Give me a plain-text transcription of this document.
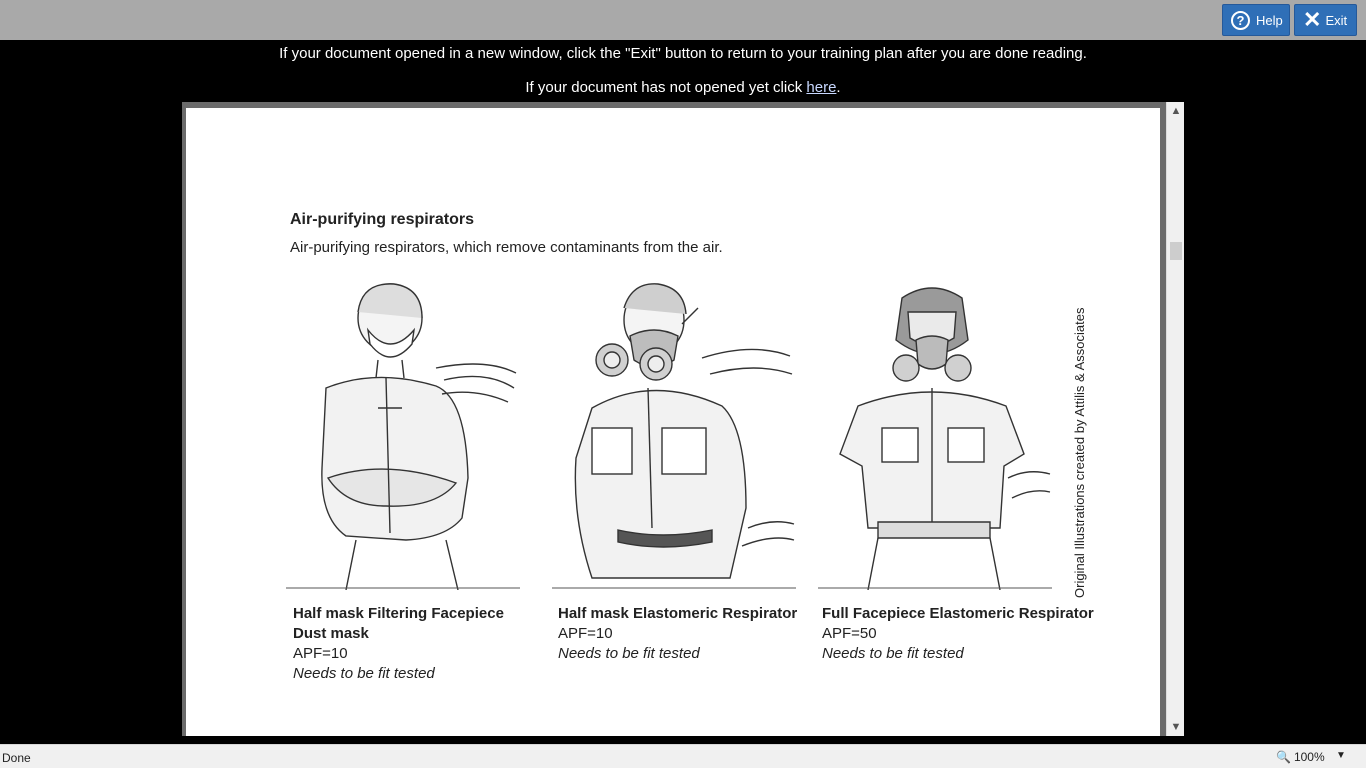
? Help ✕ Exit
If your document opened in a new window, click the "Exit" button to return to your training plan after you are done reading.
If your document has not opened yet click here.
Air-purifying respirators
Air-purifying respirators, which remove contaminants from the air.
Half mask Filtering Facepiece
Dust mask
APF=10
Needs to be fit tested
Half mask Elastomeric Respirator
APF=10
Needs to be fit tested
Full Facepiece Elastomeric Respirator
APF=50
Needs to be fit tested
Original Illustrations created by Attilis & Associates
▲
▼
Done	🔍 100% ▼
